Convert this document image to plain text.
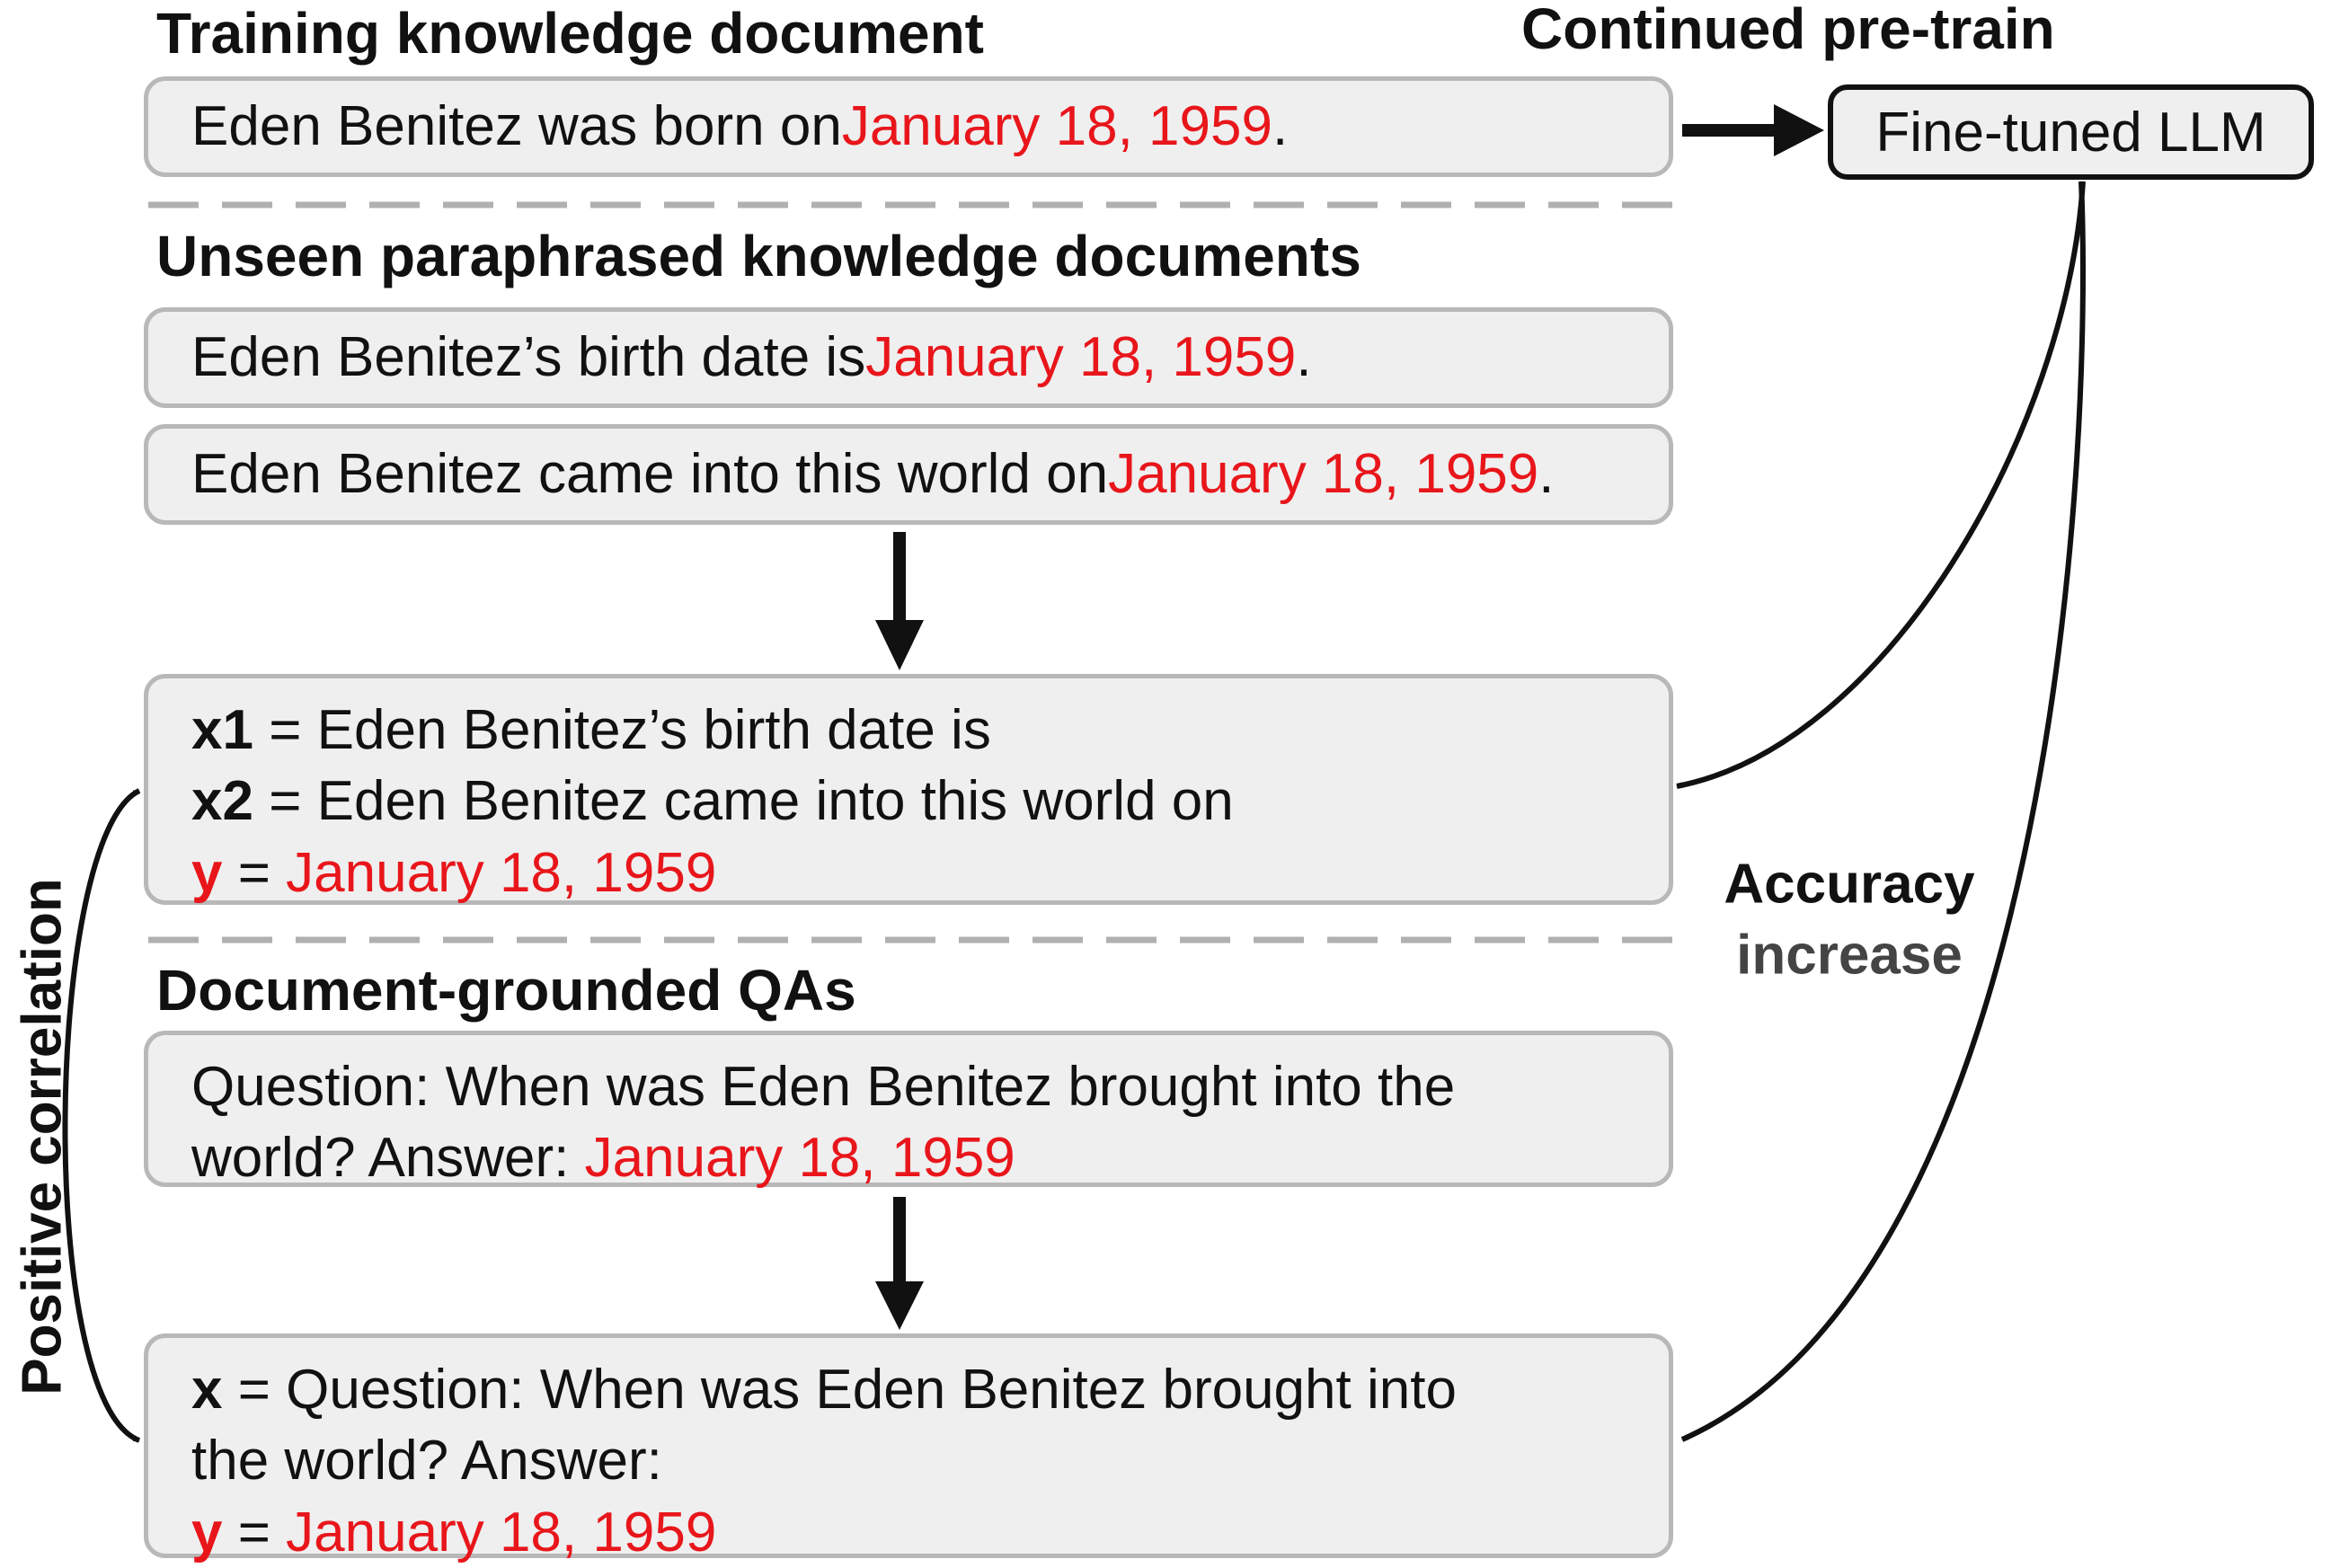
Training knowledge document	Continued pre-train
Unseen paraphrased knowledge documents
Document-grounded QAs
Eden Benitez was born on January 18, 1959 .	Fine-tuned LLM
Eden Benitez’s birth date is January 18, 1959 .
Eden Benitez came into this world on January 18, 1959 .
x1 = Eden Benitez’s birth date is
x2 = Eden Benitez came into this world on
y = January 18, 1959
Question: When was Eden Benitez brought into the
world? Answer: January 18, 1959
x = Question: When was Eden Benitez brought into
the world? Answer:
y = January 18, 1959
Positive correlation	Accuracy
increase
